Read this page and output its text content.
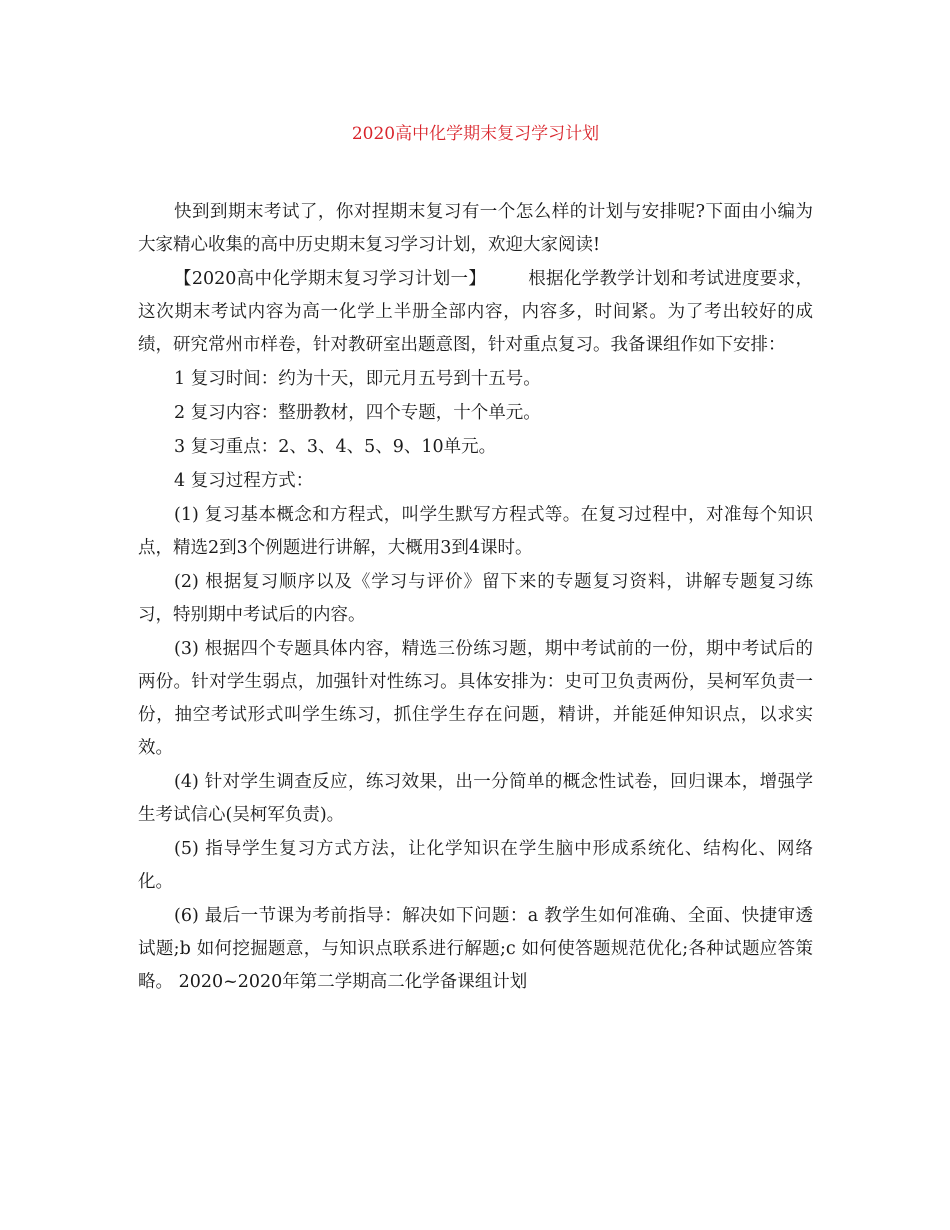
2020高中化学期末复习学习计划

快到到期末考试了，你对捏期末复习有一个怎么样的计划与安排呢?下面由小编为大家精心收集的高中历史期末复习学习计划，欢迎大家阅读!

【2020高中化学期末复习学习计划一】 根据化学教学计划和考试进度要求，这次期末考试内容为高一化学上半册全部内容，内容多，时间紧。为了考出较好的成绩，研究常州市样卷，针对教研室出题意图，针对重点复习。我备课组作如下安排：

1 复习时间：约为十天，即元月五号到十五号。

2 复习内容：整册教材，四个专题，十个单元。

3 复习重点：2、3、4、5、9、10单元。

4 复习过程方式：

(1) 复习基本概念和方程式，叫学生默写方程式等。在复习过程中，对准每个知识点，精选2到3个例题进行讲解，大概用3到4课时。

(2) 根据复习顺序以及《学习与评价》留下来的专题复习资料，讲解专题复习练习，特别期中考试后的内容。

(3) 根据四个专题具体内容，精选三份练习题，期中考试前的一份，期中考试后的两份。针对学生弱点，加强针对性练习。具体安排为：史可卫负责两份，吴柯军负责一份，抽空考试形式叫学生练习，抓住学生存在问题，精讲，并能延伸知识点，以求实效。

(4) 针对学生调查反应，练习效果，出一分简单的概念性试卷，回归课本，增强学生考试信心(吴柯军负责)。

(5) 指导学生复习方式方法，让化学知识在学生脑中形成系统化、结构化、网络化。

(6) 最后一节课为考前指导：解决如下问题：a 教学生如何准确、全面、快捷审透试题;b 如何挖掘题意，与知识点联系进行解题;c 如何使答题规范优化;各种试题应答策略。 2020~2020年第二学期高二化学备课组计划
